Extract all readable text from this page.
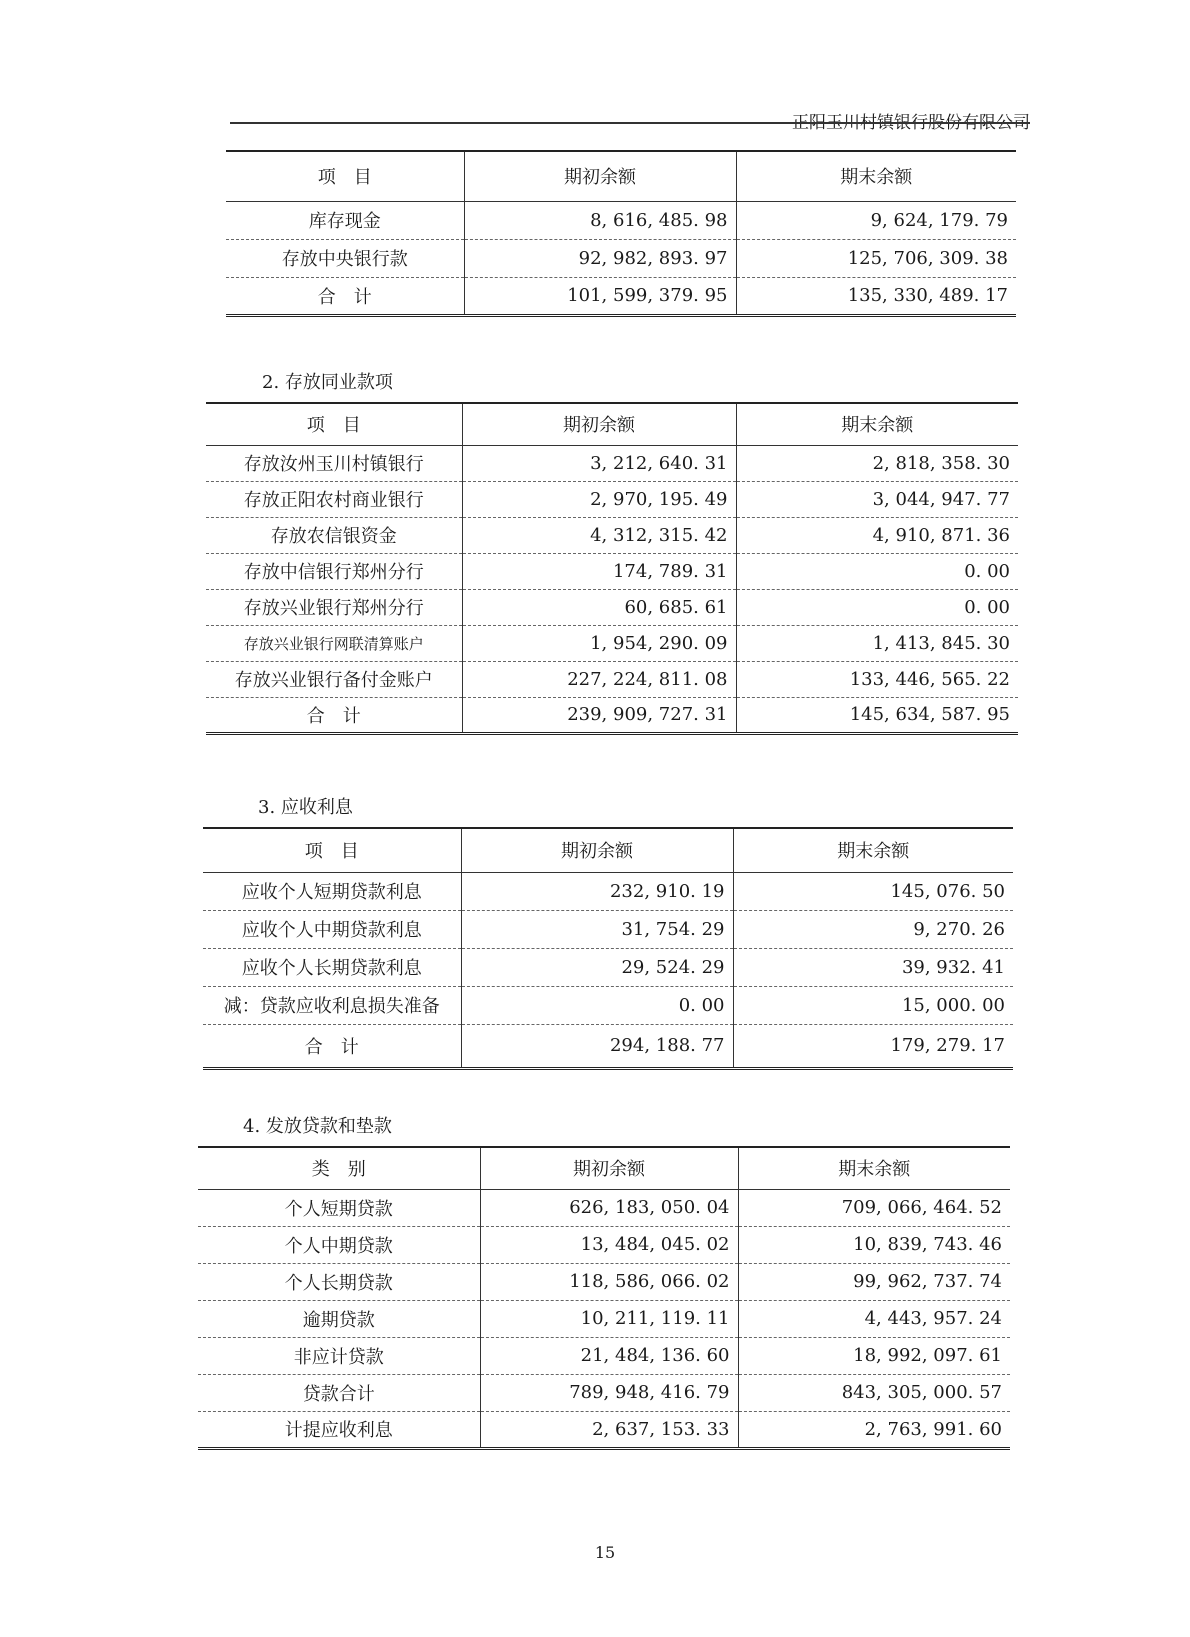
正阳玉川村镇银行股份有限公司
项　目	期初余额	期末余额
库存现金	8, 616, 485. 98	9, 624, 179. 79
存放中央银行款	92, 982, 893. 97	125, 706, 309. 38
合　计	101, 599, 379. 95	135, 330, 489. 17
2. 存放同业款项
项　目	期初余额	期末余额
存放汝州玉川村镇银行	3, 212, 640. 31	2, 818, 358. 30
存放正阳农村商业银行	2, 970, 195. 49	3, 044, 947. 77
存放农信银资金	4, 312, 315. 42	4, 910, 871. 36
存放中信银行郑州分行	174, 789. 31	0. 00
存放兴业银行郑州分行	60, 685. 61	0. 00
存放兴业银行网联清算账户	1, 954, 290. 09	1, 413, 845. 30
存放兴业银行备付金账户	227, 224, 811. 08	133, 446, 565. 22
合　计	239, 909, 727. 31	145, 634, 587. 95
3. 应收利息
项　目	期初余额	期末余额
应收个人短期贷款利息	232, 910. 19	145, 076. 50
应收个人中期贷款利息	31, 754. 29	9, 270. 26
应收个人长期贷款利息	29, 524. 29	39, 932. 41
减：贷款应收利息损失准备	0. 00	15, 000. 00
合　计	294, 188. 77	179, 279. 17
4. 发放贷款和垫款
类　别	期初余额	期末余额
个人短期贷款	626, 183, 050. 04	709, 066, 464. 52
个人中期贷款	13, 484, 045. 02	10, 839, 743. 46
个人长期贷款	118, 586, 066. 02	99, 962, 737. 74
逾期贷款	10, 211, 119. 11	4, 443, 957. 24
非应计贷款	21, 484, 136. 60	18, 992, 097. 61
贷款合计	789, 948, 416. 79	843, 305, 000. 57
计提应收利息	2, 637, 153. 33	2, 763, 991. 60
15
